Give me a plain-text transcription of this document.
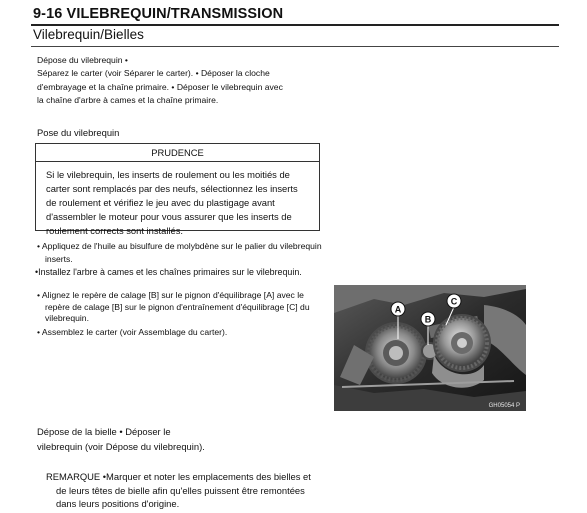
9-16 VILEBREQUIN/TRANSMISSION
Vilebrequin/Bielles
Dépose du vilebrequin •
Séparez le carter (voir Séparer le carter). • Déposer la cloche
d'embrayage et la chaîne primaire. • Déposer le vilebrequin avec
la chaîne d'arbre à cames et la chaîne primaire.
Pose du vilebrequin
PRUDENCE
Si le vilebrequin, les inserts de roulement ou les moitiés de
carter sont remplacés par des neufs, sélectionnez les inserts
de roulement et vérifiez le jeu avec du plastigage avant
d'assembler le moteur pour vous assurer que les inserts de
roulement corrects sont installés.
• Appliquez de l'huile au bisulfure de molybdène sur le palier du vilebrequin
inserts.
•Installez l'arbre à cames et les chaînes primaires sur le vilebrequin.
• Alignez le repère de calage [B] sur le pignon d'équilibrage [A] avec le
repère de calage [B] sur le pignon d'entraînement d'équilibrage [C] du
vilebrequin.
• Assemblez le carter (voir Assemblage du carter).
A
B
C
GH05054 P
Dépose de la bielle • Déposer le
vilebrequin (voir Dépose du vilebrequin).
REMARQUE •Marquer et noter les emplacements des bielles et
de leurs têtes de bielle afin qu'elles puissent être remontées
dans leurs positions d'origine.
